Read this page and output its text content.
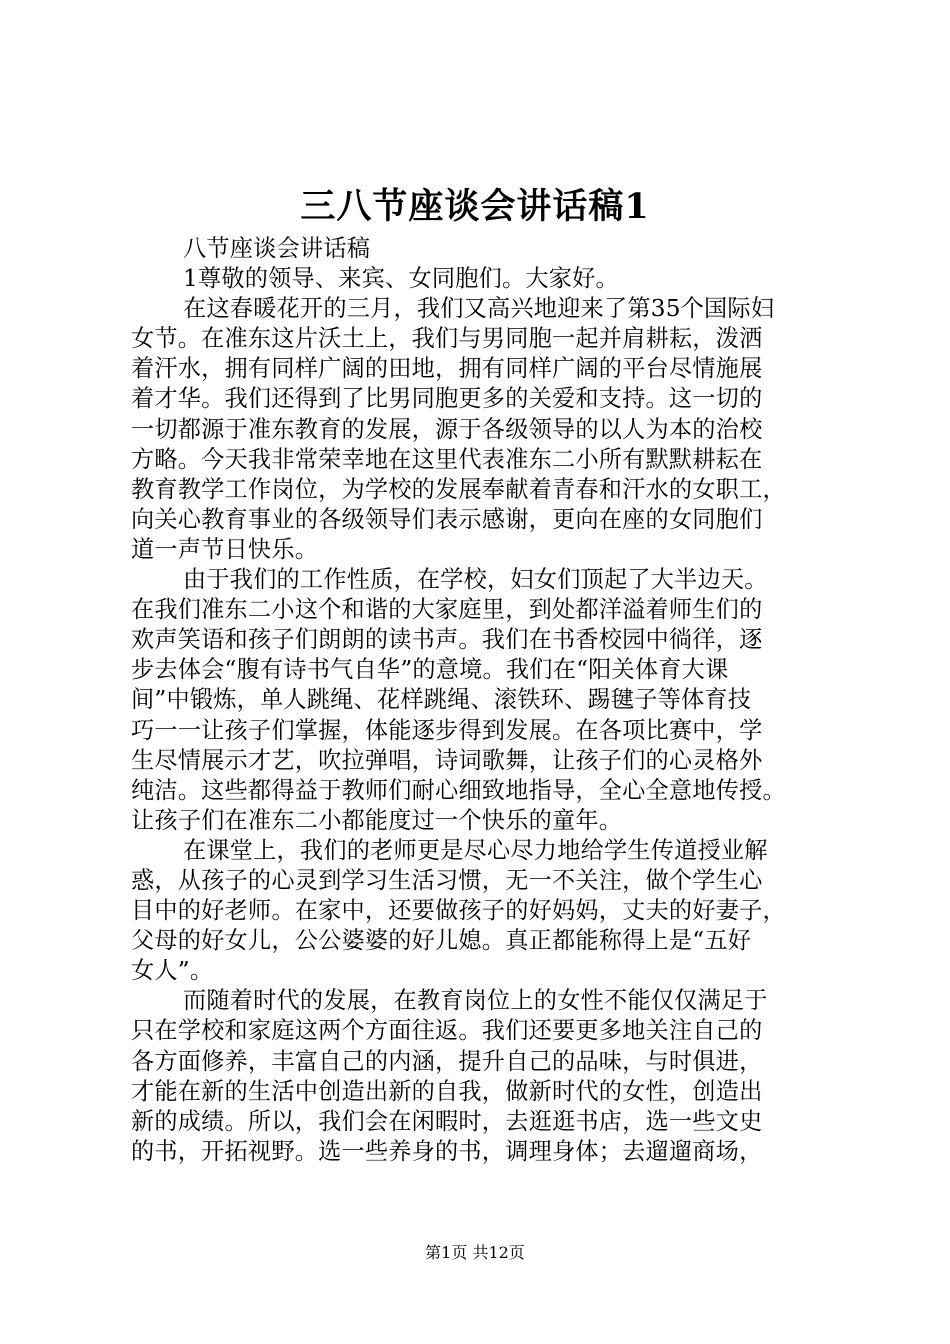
三八节座谈会讲话稿1
八节座谈会讲话稿
1尊敬的领导、来宾、女同胞们。大家好。
在这春暖花开的三月，我们又高兴地迎来了第35个国际妇
女节。在准东这片沃土上，我们与男同胞一起并肩耕耘，泼洒
着汗水，拥有同样广阔的田地，拥有同样广阔的平台尽情施展
着才华。我们还得到了比男同胞更多的关爱和支持。这一切的
一切都源于准东教育的发展，源于各级领导的以人为本的治校
方略。今天我非常荣幸地在这里代表准东二小所有默默耕耘在
教育教学工作岗位，为学校的发展奉献着青春和汗水的女职工，
向关心教育事业的各级领导们表示感谢，更向在座的女同胞们
道一声节日快乐。
由于我们的工作性质，在学校，妇女们顶起了大半边天。
在我们准东二小这个和谐的大家庭里，到处都洋溢着师生们的
欢声笑语和孩子们朗朗的读书声。我们在书香校园中徜徉，逐
步去体会“腹有诗书气自华”的意境。我们在“阳关体育大课
间”中锻炼，单人跳绳、花样跳绳、滚铁环、踢毽子等体育技
巧一一让孩子们掌握，体能逐步得到发展。在各项比赛中，学
生尽情展示才艺，吹拉弹唱，诗词歌舞，让孩子们的心灵格外
纯洁。这些都得益于教师们耐心细致地指导，全心全意地传授。
让孩子们在准东二小都能度过一个快乐的童年。
在课堂上，我们的老师更是尽心尽力地给学生传道授业解
惑，从孩子的心灵到学习生活习惯，无一不关注，做个学生心
目中的好老师。在家中，还要做孩子的好妈妈，丈夫的好妻子，
父母的好女儿，公公婆婆的好儿媳。真正都能称得上是“五好
女人”。
而随着时代的发展，在教育岗位上的女性不能仅仅满足于
只在学校和家庭这两个方面往返。我们还要更多地关注自己的
各方面修养，丰富自己的内涵，提升自己的品味，与时俱进，
才能在新的生活中创造出新的自我，做新时代的女性，创造出
新的成绩。所以，我们会在闲暇时，去逛逛书店，选一些文史
的书，开拓视野。选一些养身的书，调理身体；去遛遛商场，
第1页 共12页
